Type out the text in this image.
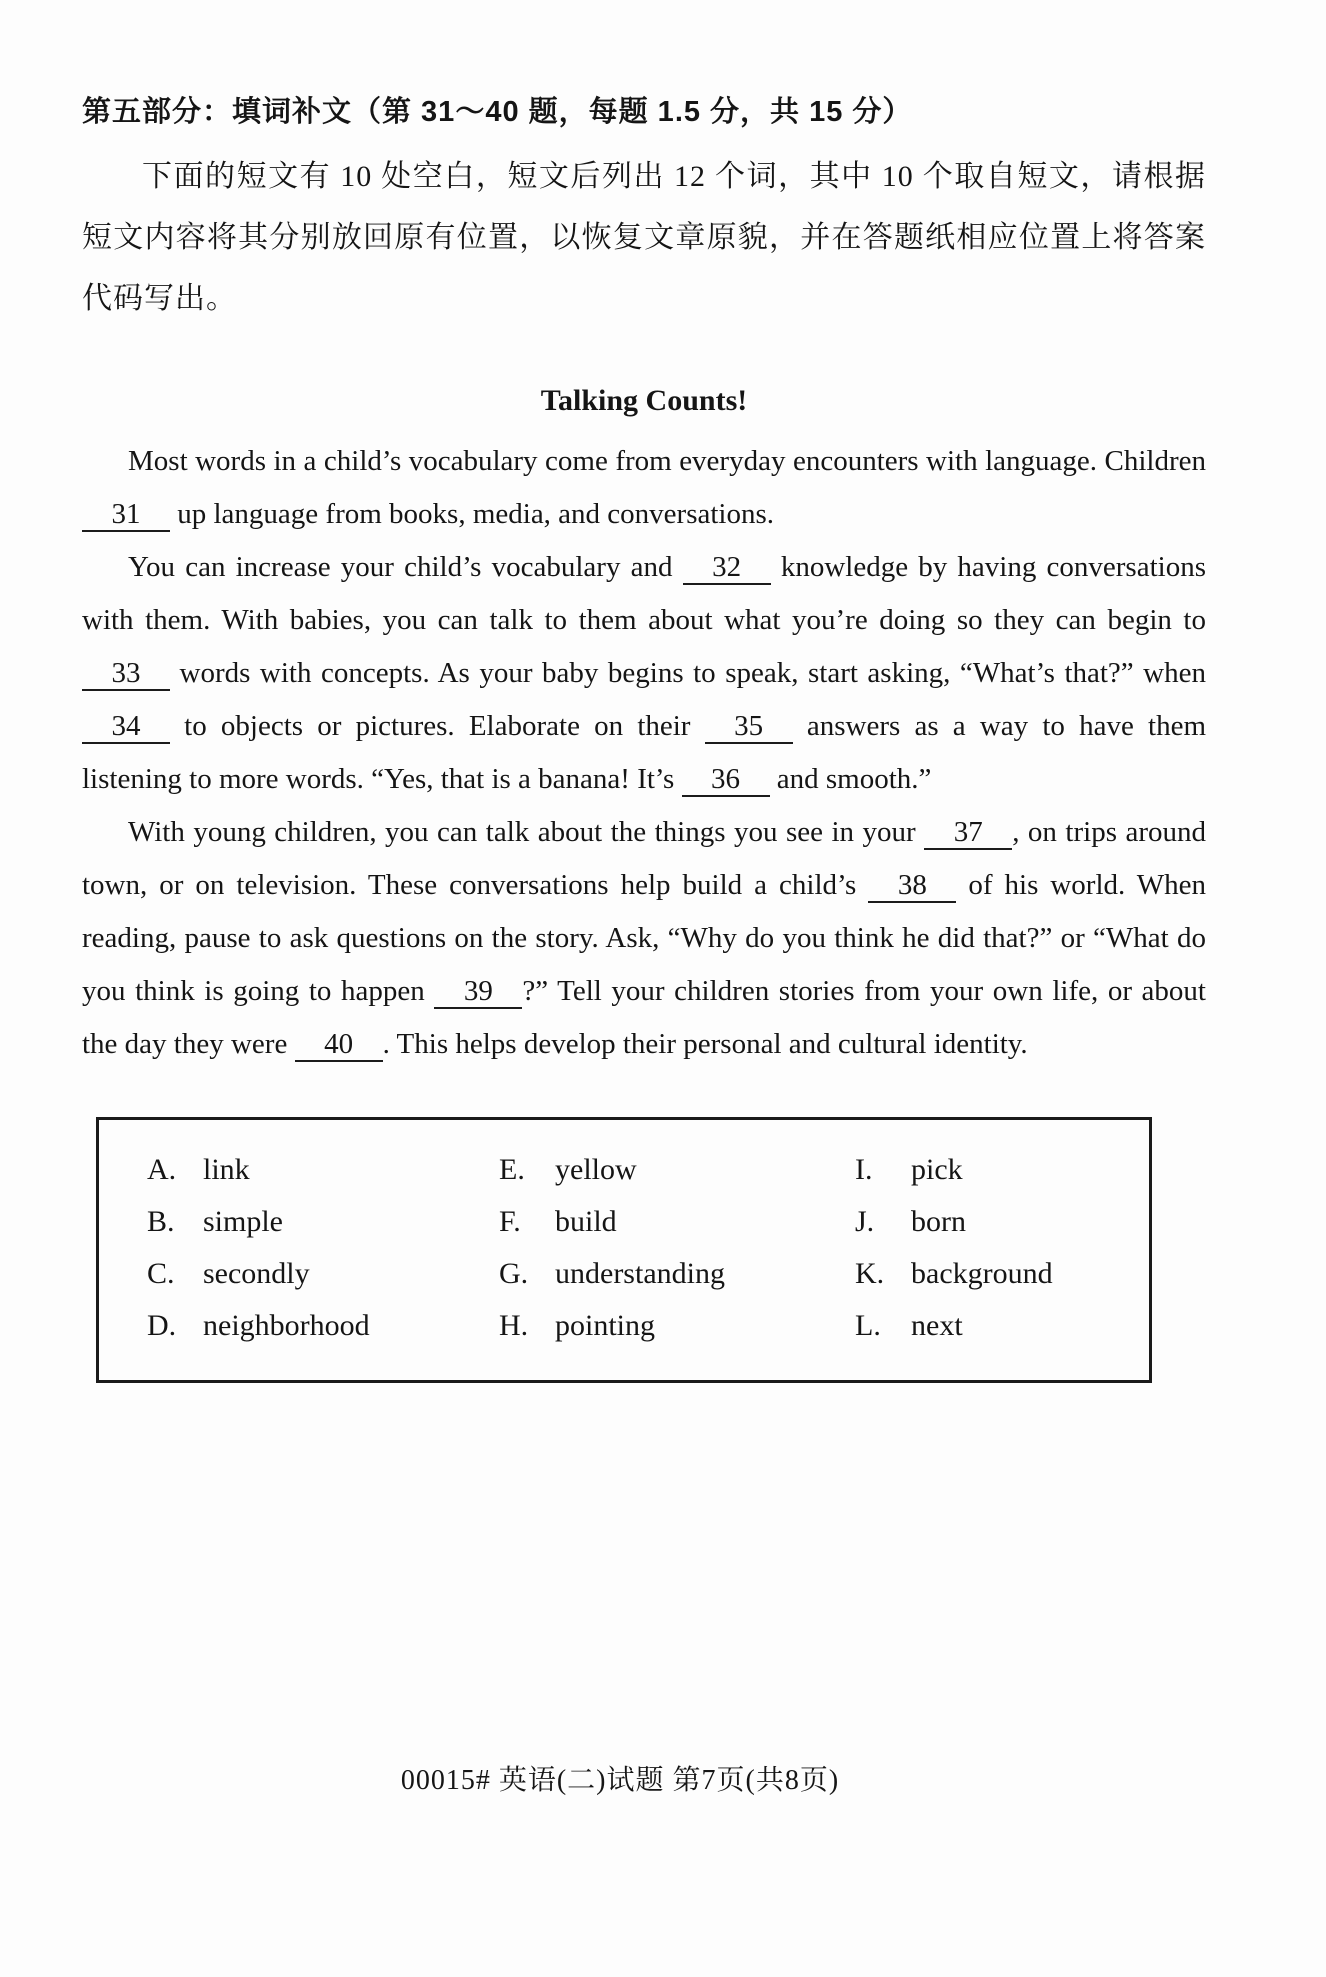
第五部分：填词补文（第 31～40 题，每题 1.5 分，共 15 分）
下面的短文有 10 处空白，短文后列出 12 个词，其中 10 个取自短文，请根据短文内容将其分别放回原有位置，以恢复文章原貌，并在答题纸相应位置上将答案代码写出。
Talking Counts!

Most words in a child’s vocabulary come from everyday encounters with language. Children 31 up language from books, media, and conversations.

You can increase your child’s vocabulary and 32 knowledge by having conversations with them. With babies, you can talk to them about what you’re doing so they can begin to 33 words with concepts. As your baby begins to speak, start asking, “What’s that?” when 34 to objects or pictures. Elaborate on their 35 answers as a way to have them listening to more words. “Yes, that is a banana! It’s 36 and smooth.”

With young children, you can talk about the things you see in your 37 , on trips around town, or on television. These conversations help build a child’s 38 of his world. When reading, pause to ask questions on the story. Ask, “Why do you think he did that?” or “What do you think is going to happen 39 ?” Tell your children stories from your own life, or about the day they were 40 . This helps develop their personal and cultural identity.

A. link
B. simple
C. secondly
D. neighborhood
E. yellow
F. build
G. understanding
H. pointing
I. pick
J. born
K. background
L. next
00015# 英语(二)试题 第7页(共8页)
